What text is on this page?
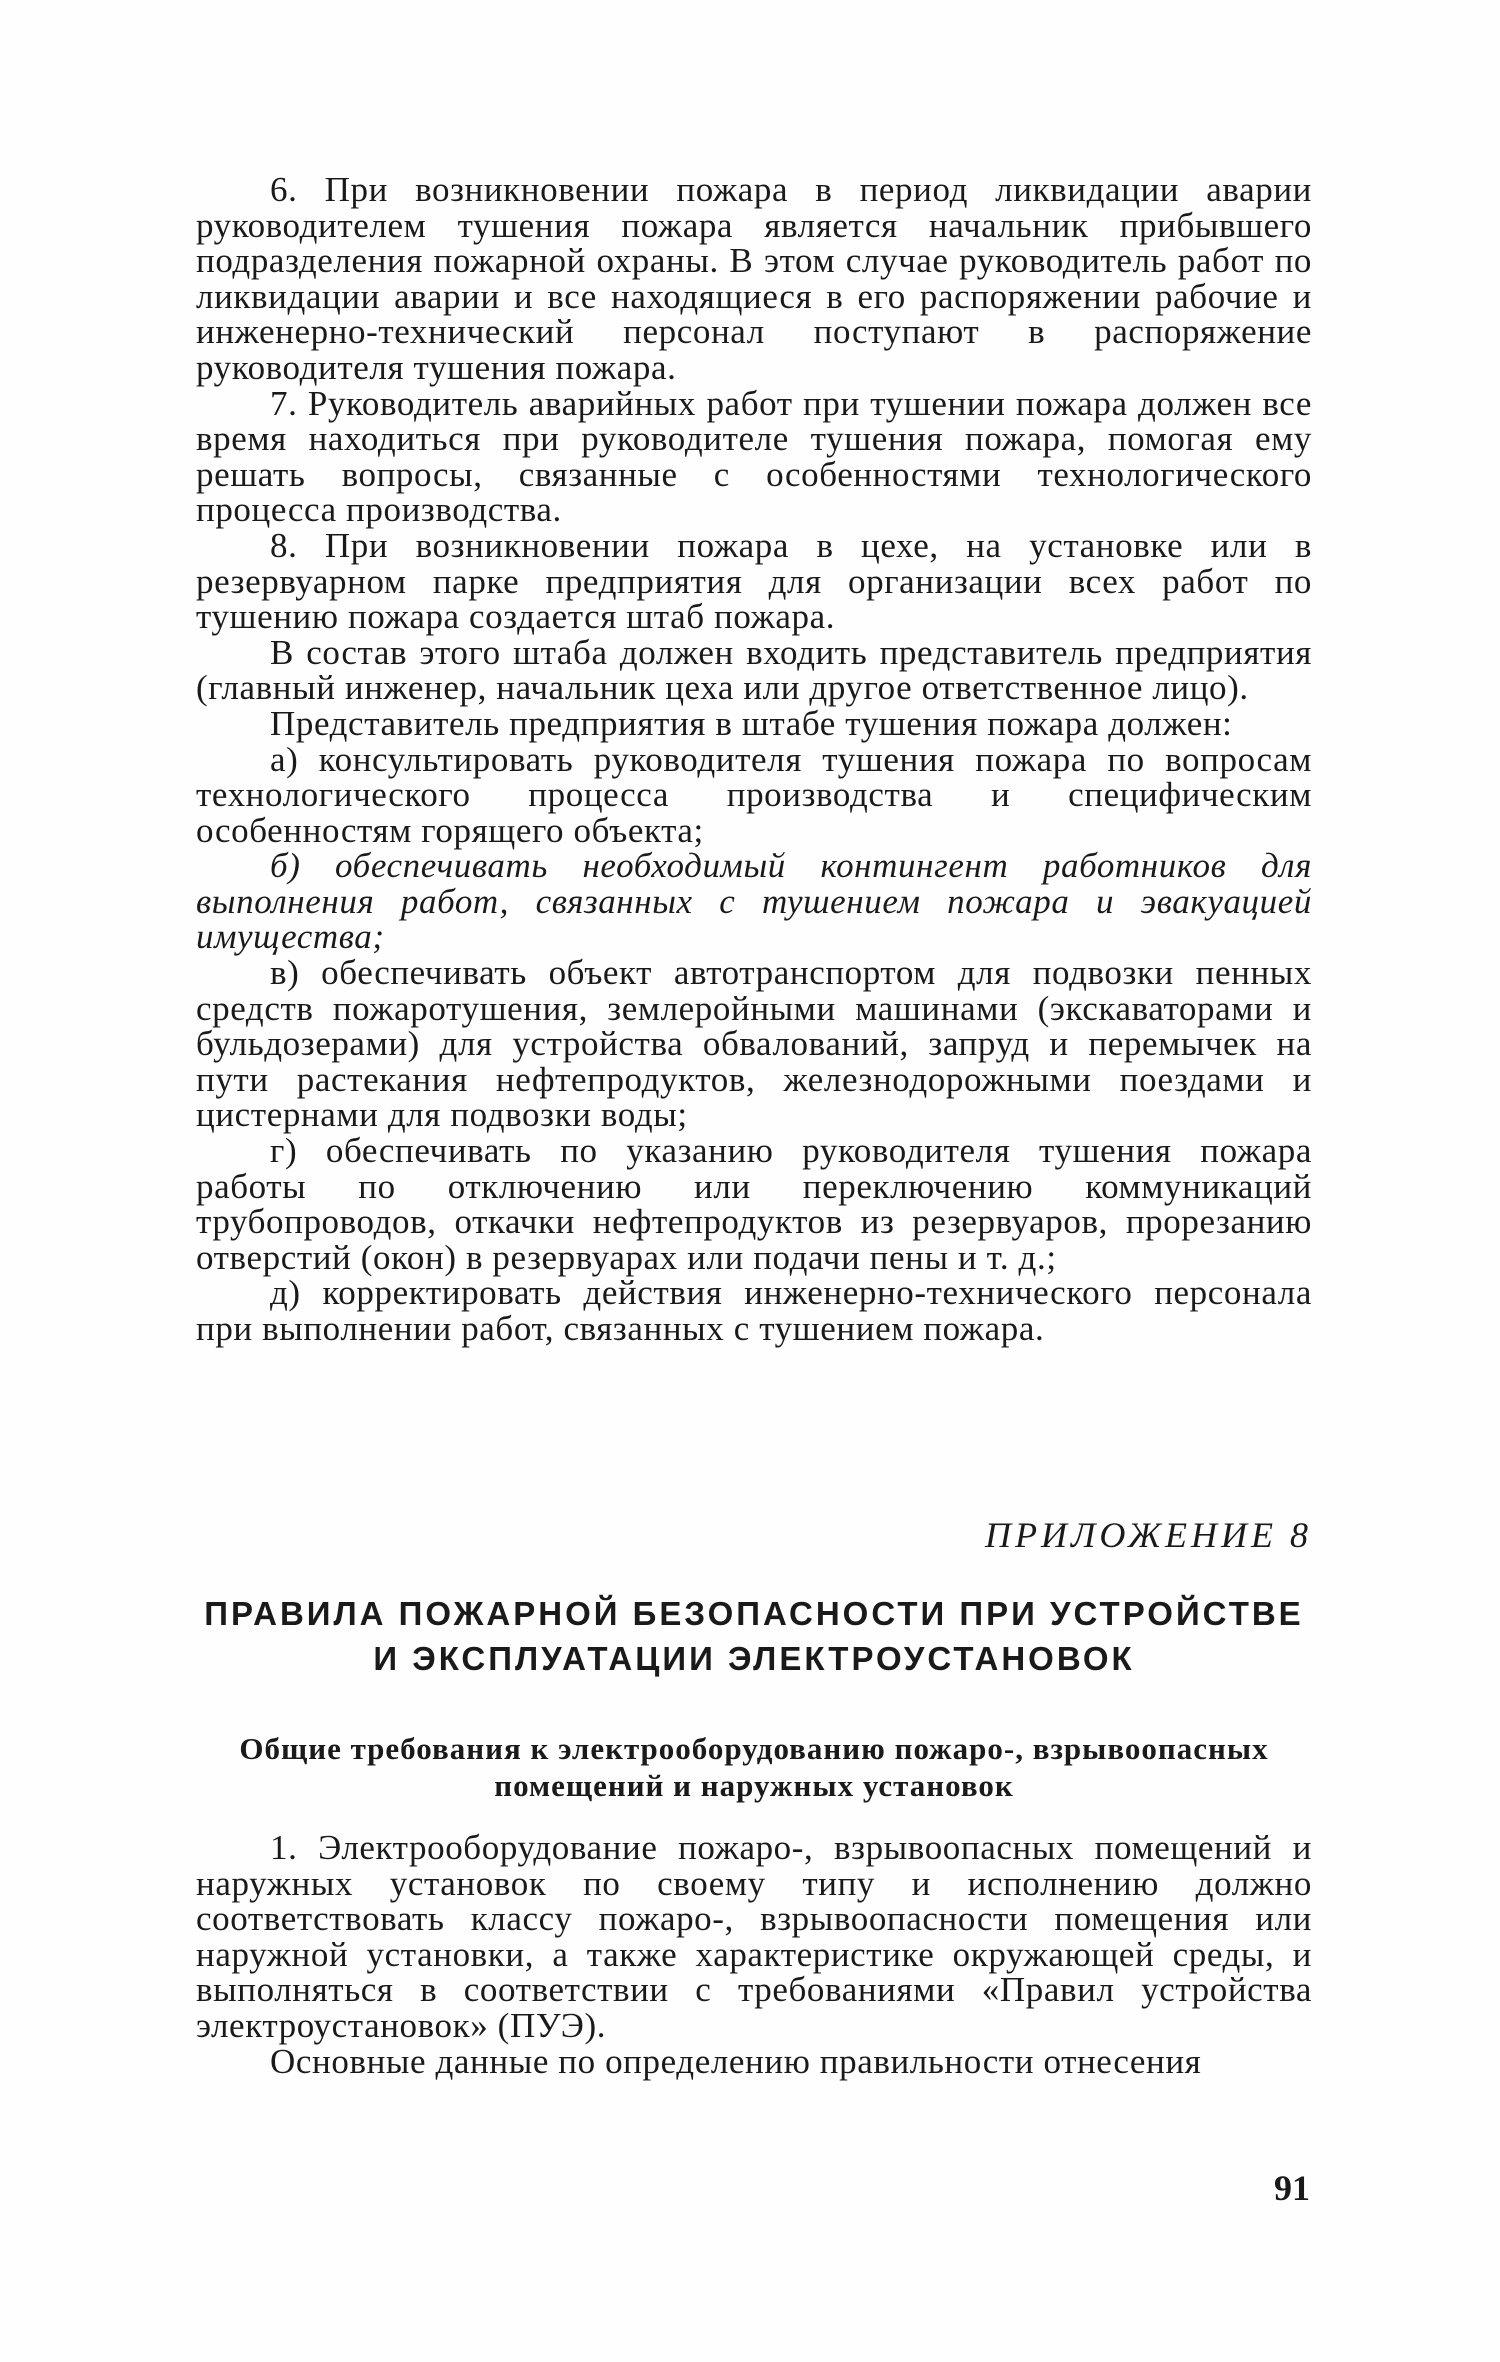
6. При возникновении пожара в период ликвидации аварии руководителем тушения пожара является начальник прибывшего подразделения пожарной охраны. В этом случае руководитель работ по ликвидации аварии и все находящиеся в его распоряжении рабочие и инженерно-технический персонал поступают в распоряжение руководителя тушения пожара.

7. Руководитель аварийных работ при тушении пожара должен все время находиться при руководителе тушения пожара, помогая ему решать вопросы, связанные с особенностями технологического процесса производства.

8. При возникновении пожара в цехе, на установке или в резервуарном парке предприятия для организации всех работ по тушению пожара создается штаб пожара.

В состав этого штаба должен входить представитель предприятия (главный инженер, начальник цеха или другое ответственное лицо).

Представитель предприятия в штабе тушения пожара должен:

а) консультировать руководителя тушения пожара по вопросам технологического процесса производства и специфическим особенностям горящего объекта;

б) обеспечивать необходимый контингент работников для выполнения работ, связанных с тушением пожара и эвакуацией имущества;

в) обеспечивать объект автотранспортом для подвозки пенных средств пожаротушения, землеройными машинами (экскаваторами и бульдозерами) для устройства обвалований, запруд и перемычек на пути растекания нефтепродуктов, железнодорожными поездами и цистернами для подвозки воды;

г) обеспечивать по указанию руководителя тушения пожара работы по отключению или переключению коммуникаций трубопроводов, откачки нефтепродуктов из резервуаров, прорезанию отверстий (окон) в резервуарах или подачи пены и т. д.;

д) корректировать действия инженерно-технического персонала при выполнении работ, связанных с тушением пожара.

ПРИЛОЖЕНИЕ 8
ПРАВИЛА ПОЖАРНОЙ БЕЗОПАСНОСТИ ПРИ УСТРОЙСТВЕ И ЭКСПЛУАТАЦИИ ЭЛЕКТРОУСТАНОВОК
Общие требования к электрооборудованию пожаро-, взрывоопасных помещений и наружных установок

1. Электрооборудование пожаро-, взрывоопасных помещений и наружных установок по своему типу и исполнению должно соответствовать классу пожаро-, взрывоопасности помещения или наружной установки, а также характеристике окружающей среды, и выполняться в соответствии с требованиями «Правил устройства электроустановок» (ПУЭ).

Основные данные по определению правильности отнесения

91
